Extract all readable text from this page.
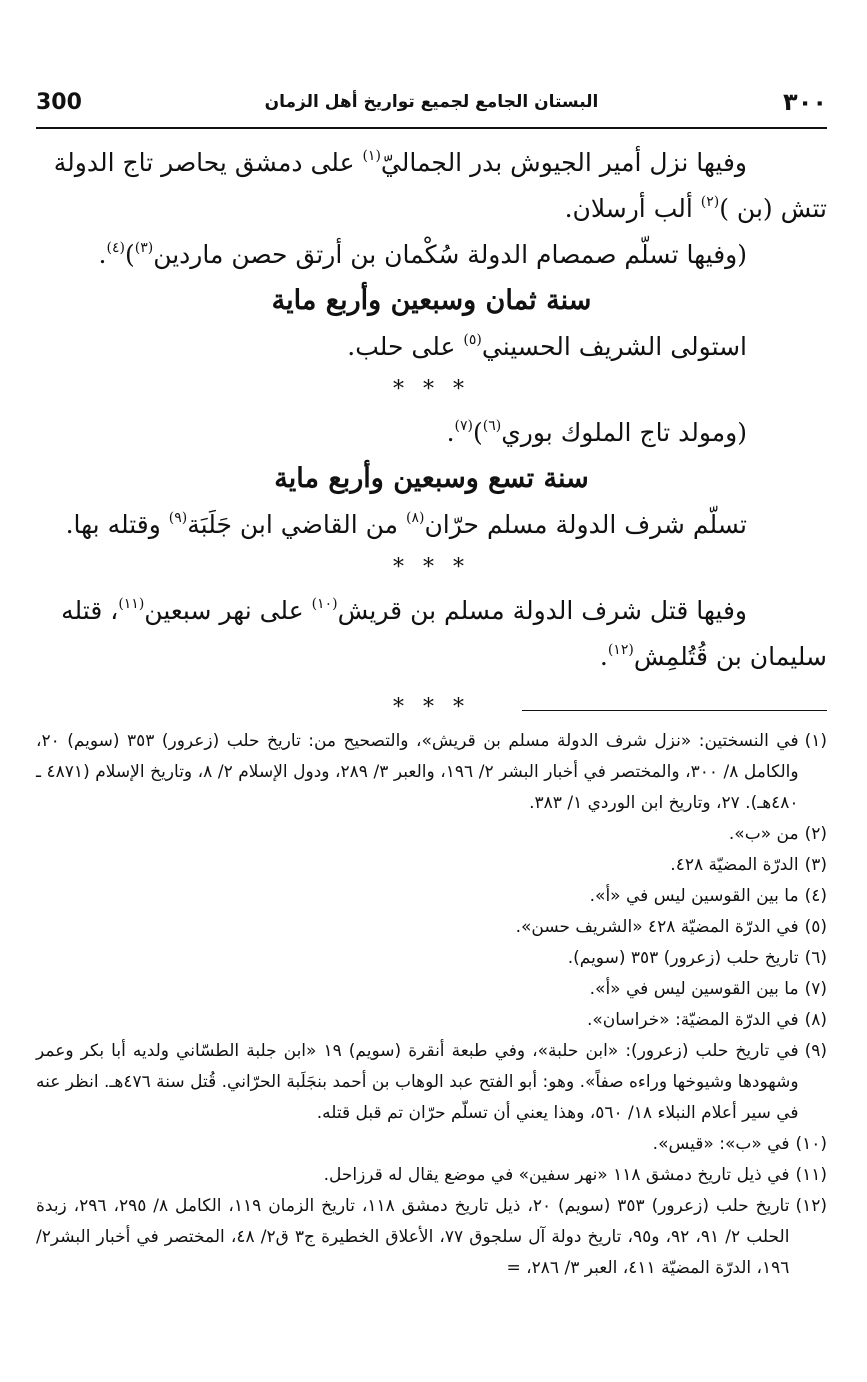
300	البستان الجامع لجميع تواريخ أهل الزمان	٣٠٠

وفيها نزل أمير الجيوش بدر الجماليّ$^{(١)}$ على دمشق يحاصر تاج الدولة تتش (بن )$^{(٢)}$ ألب أرسلان.

(وفيها تسلّم صمصام الدولة سُكْمان بن أرتق حصن ماردين$^{(٣)}$)$^{(٤)}$.

سنة ثمان وسبعين وأربع ماية

استولى الشريف الحسيني$^{(٥)}$ على حلب.

* * *

(ومولد تاج الملوك بوري$^{(٦)}$)$^{(٧)}$.

سنة تسع وسبعين وأربع ماية

تسلّم شرف الدولة مسلم حرّان$^{(٨)}$ من القاضي ابن جَلَبَة$^{(٩)}$ وقتله بها.

* * *

وفيها قتل شرف الدولة مسلم بن قريش$^{(١٠)}$ على نهر سبعين$^{(١١)}$، قتله سليمان بن قُتُلمِش$^{(١٢)}$.

* * *

(١)
في النسختين: «نزل شرف الدولة مسلم بن قريش»، والتصحيح من: تاريخ حلب (زعرور) ٣٥٣ (سويم) ٢٠، والكامل ٨/ ٣٠٠، والمختصر في أخبار البشر ٢/ ١٩٦، والعبر ٣/ ٢٨٩، ودول الإسلام ٢/ ٨، وتاريخ الإسلام (٤٨٧١ ـ ٤٨٠هـ). ٢٧، وتاريخ ابن الوردي ١/ ٣٨٣.

(٢)
من «ب».

(٣)
الدرّة المضيّة ٤٢٨.

(٤)
ما بين القوسين ليس في «أ».

(٥)
في الدرّة المضيّة ٤٢٨ «الشريف حسن».

(٦)
تاريخ حلب (زعرور) ٣٥٣ (سويم).

(٧)
ما بين القوسين ليس في «أ».

(٨)
في الدرّة المضيّة: «خراسان».

(٩)
في تاريخ حلب (زعرور): «ابن حلبة»، وفي طبعة أنقرة (سويم) ١٩ «ابن جلبة الطسّاني ولديه أبا بكر وعمر وشهودها وشيوخها وراءه صفاً». وهو: أبو الفتح عبد الوهاب بن أحمد بنجَلَبة الحرّاني. قُتل سنة ٤٧٦هـ. انظر عنه في سير أعلام النبلاء ١٨/ ٥٦٠، وهذا يعني أن تسلّم حرّان تم قبل قتله.

(١٠)
في «ب»: «قيس».

(١١)
في ذيل تاريخ دمشق ١١٨ «نهر سفين» في موضع يقال له قرزاحل.

(١٢)
تاريخ حلب (زعرور) ٣٥٣ (سويم) ٢٠، ذيل تاريخ دمشق ١١٨، تاريخ الزمان ١١٩، الكامل ٨/ ٢٩٥، ٢٩٦، زبدة الحلب ٢/ ٩١، ٩٢، و٩٥، تاريخ دولة آل سلجوق ٧٧، الأعلاق الخطيرة ج٣ ق٢/ ٤٨، المختصر في أخبار البشر٢/ ١٩٦، الدرّة المضيّة ٤١١، العبر ٣/ ٢٨٦، =
